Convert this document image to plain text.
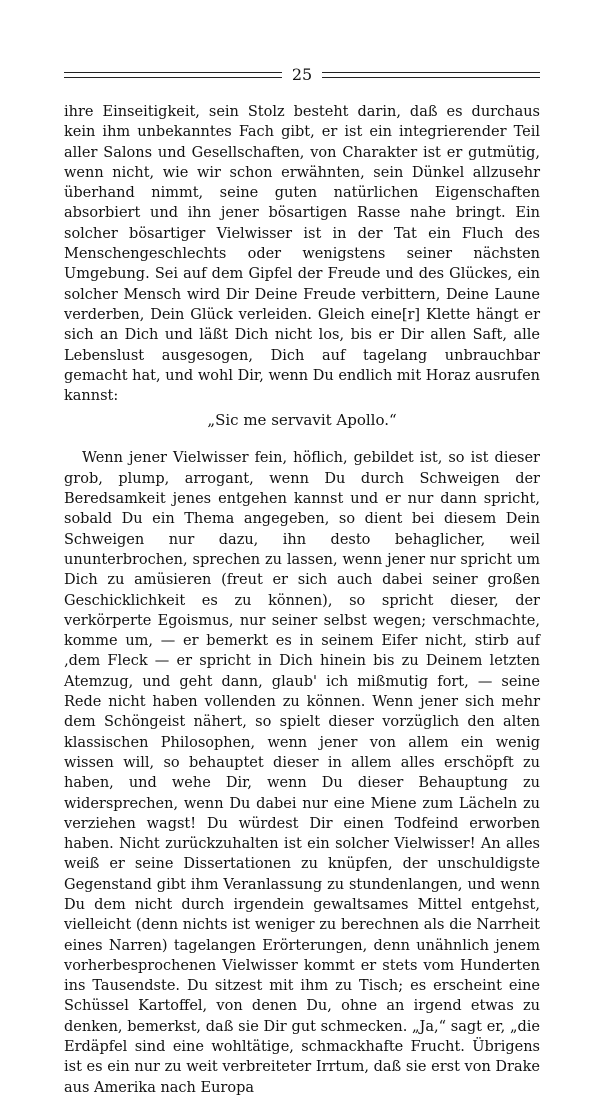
25

ihre Einseitigkeit, sein Stolz besteht darin, daß es durchaus kein ihm unbekanntes Fach gibt, er ist ein integrierender Teil aller Salons und Gesellschaften, von Charakter ist er gutmütig, wenn nicht, wie wir schon erwähnten, sein Dünkel allzusehr überhand nimmt, seine guten natürlichen Eigenschaften absorbiert und ihn jener bösartigen Rasse nahe bringt. Ein solcher bösartiger Vielwisser ist in der Tat ein Fluch des Menschengeschlechts oder wenigstens seiner nächsten Umgebung. Sei auf dem Gipfel der Freude und des Glückes, ein solcher Mensch wird Dir Deine Freude verbittern, Deine Laune verderben, Dein Glück verleiden. Gleich eine[r] Klette hängt er sich an Dich und läßt Dich nicht los, bis er Dir allen Saft, alle Lebenslust ausgesogen, Dich auf tagelang unbrauchbar gemacht hat, und wohl Dir, wenn Du endlich mit Horaz ausrufen kannst:

„Sic me servavit Apollo.“

Wenn jener Vielwisser fein, höflich, gebildet ist, so ist dieser grob, plump, arrogant, wenn Du durch Schweigen der Beredsamkeit jenes entgehen kannst und er nur dann spricht, sobald Du ein Thema angegeben, so dient bei diesem Dein Schweigen nur dazu, ihn desto behaglicher, weil ununterbrochen, sprechen zu lassen, wenn jener nur spricht um Dich zu amüsieren (freut er sich auch dabei seiner großen Geschicklichkeit es zu können), so spricht dieser, der verkörperte Egoismus, nur seiner selbst wegen; verschmachte, komme um, — er bemerkt es in seinem Eifer nicht, stirb auf ‚dem Fleck — er spricht in Dich hinein bis zu Deinem letzten Atemzug, und geht dann, glaub' ich mißmutig fort, — seine Rede nicht haben vollenden zu können. Wenn jener sich mehr dem Schöngeist nähert, so spielt dieser vorzüglich den alten klassischen Philosophen, wenn jener von allem ein wenig wissen will, so behauptet dieser in allem alles erschöpft zu haben, und wehe Dir, wenn Du dieser Behauptung zu widersprechen, wenn Du dabei nur eine Miene zum Lächeln zu verziehen wagst! Du würdest Dir einen Todfeind erworben haben. Nicht zurückzuhalten ist ein solcher Vielwisser! An alles weiß er seine Dissertationen zu knüpfen, der unschuldigste Gegenstand gibt ihm Veranlassung zu stundenlangen, und wenn Du dem nicht durch irgendein gewaltsames Mittel entgehst, vielleicht (denn nichts ist weniger zu berechnen als die Narrheit eines Narren) tagelangen Erörterungen, denn unähnlich jenem vorherbesprochenen Vielwisser kommt er stets vom Hunderten ins Tausendste. Du sitzest mit ihm zu Tisch; es erscheint eine Schüssel Kartoffel, von denen Du, ohne an irgend etwas zu denken, bemerkst, daß sie Dir gut schmecken. „Ja,“ sagt er, „die Erdäpfel sind eine wohltätige, schmackhafte Frucht. Übrigens ist es ein nur zu weit verbreiteter Irrtum, daß sie erst von Drake aus Amerika nach Europa
